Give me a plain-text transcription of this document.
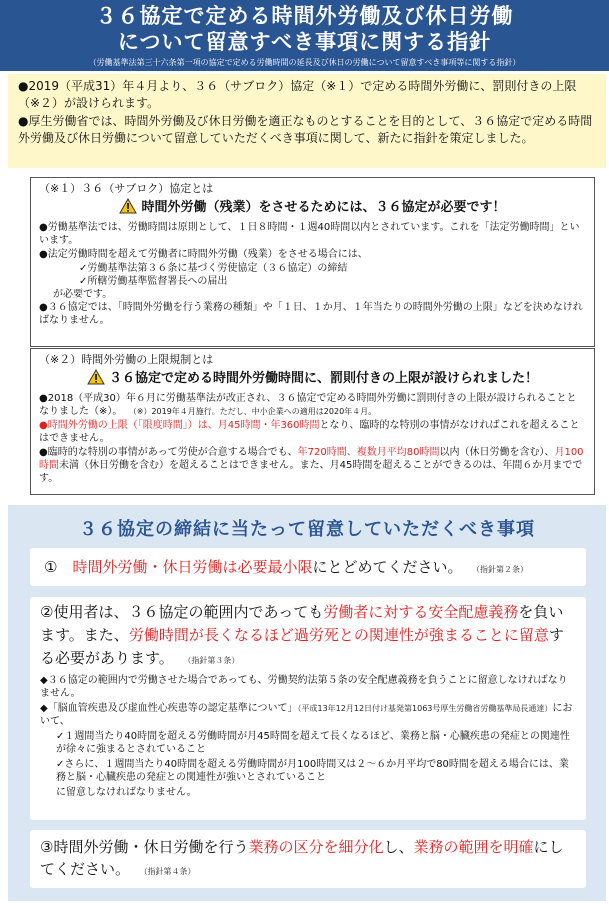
３６協定で定める時間外労働及び休日労働
について留意すべき事項に関する指針
（労働基準法第三十六条第一項の協定で定める労働時間の延長及び休日の労働について留意すべき事項等に関する指針）

●2019（平成31）年４月より、３６（サブロク）協定（※１）で定める時間外労働に、罰則付きの上限（※２）が設けられます。

●厚生労働省では、時間外労働及び休日労働を適正なものとすることを目的として、３６協定で定める時間外労働及び休日労働について留意していただくべき事項に関して、新たに指針を策定しました。

（※１）３６（サブロク）協定とは
時間外労働（残業）をさせるためには、３６協定が必要です！
●労働基準法では、労働時間は原則として、１日８時間・１週40時間以内とされています。これを「法定労働時間」といいます。
●法定労働時間を超えて労働者に時間外労働（残業）をさせる場合には、
✓労働基準法第３６条に基づく労使協定（３６協定）の締結
✓所轄労働基準監督署長への届出
が必要です。
●３６協定では、「時間外労働を行う業務の種類」や「１日、１か月、１年当たりの時間外労働の上限」などを決めなければなりません。
（※２）時間外労働の上限規制とは
３６協定で定める時間外労働時間に、罰則付きの上限が設けられました！
●2018（平成30）年６月に労働基準法が改正され、３６協定で定める時間外労働に罰則付きの上限が設けられることとなりました（※）。 （※）2019年４月施行。ただし、中小企業への適用は2020年４月。
●時間外労働の上限（「限度時間」）は、月45時間・年360時間となり、臨時的な特別の事情がなければこれを超えることはできません。
●臨時的な特別の事情があって労使が合意する場合でも、年720時間、複数月平均80時間以内（休日労働を含む）、月100時間未満（休日労働を含む）を超えることはできません。また、月45時間を超えることができるのは、年間６か月までです。
３６協定の締結に当たって留意していただくべき事項
①　時間外労働・休日労働は必要最小限にとどめてください。 （指針第２条）
②使用者は、３６協定の範囲内であっても労働者に対する安全配慮義務を負います。また、労働時間が長くなるほど過労死との関連性が強まることに留意する必要があります。 （指針第３条）
◆３６協定の範囲内で労働させた場合であっても、労働契約法第５条の安全配慮義務を負うことに留意しなければなりません。
◆「脳血管疾患及び虚血性心疾患等の認定基準について」（平成13年12月12日付け基発第1063号厚生労働省労働基準局長通達）において、
✓１週間当たり40時間を超える労働時間が月45時間を超えて長くなるほど、業務と脳・心臓疾患の発症との関連性が徐々に強まるとされていること
✓さらに、１週間当たり40時間を超える労働時間が月100時間又は２～６か月平均で80時間を超える場合には、業務と脳・心臓疾患の発症との関連性が強いとされていること
に留意しなければなりません。
③時間外労働・休日労働を行う業務の区分を細分化し、業務の範囲を明確にしてください。 （指針第４条）
